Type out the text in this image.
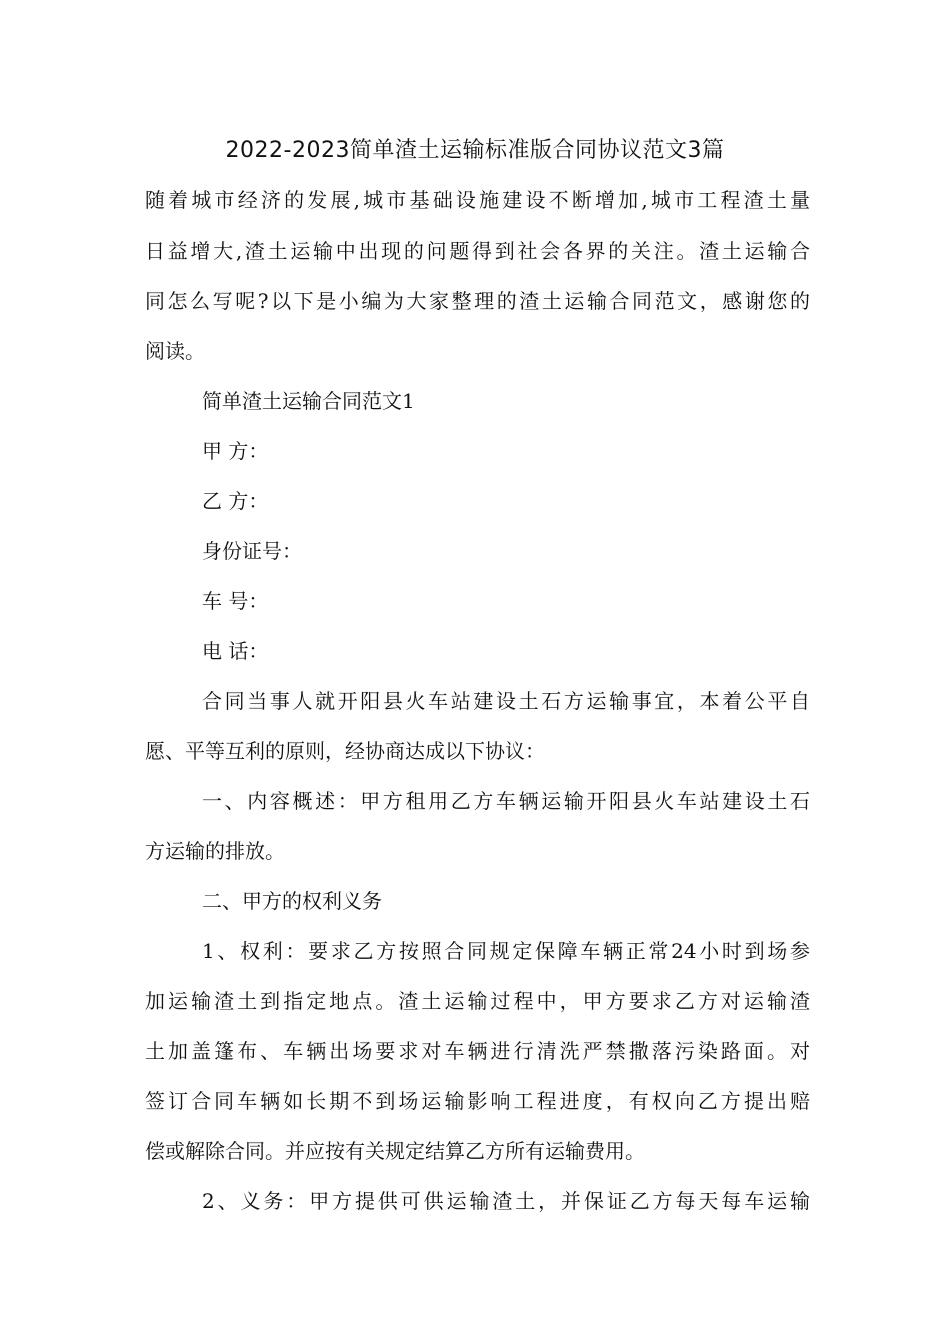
2022-2023简单渣土运输标准版合同协议范文3篇
随着城市经济的发展,城市基础设施建设不断增加,城市工程渣土量
日益增大,渣土运输中出现的问题得到社会各界的关注。渣土运输合
同怎么写呢?以下是小编为大家整理的渣土运输合同范文，感谢您的
阅读。
简单渣土运输合同范文1
甲 方：
乙 方：
身份证号：
车 号：
电 话：
合同当事人就开阳县火车站建设土石方运输事宜，本着公平自
愿、平等互利的原则，经协商达成以下协议：
一、内容概述：甲方租用乙方车辆运输开阳县火车站建设土石
方运输的排放。
二、甲方的权利义务
1、权利：要求乙方按照合同规定保障车辆正常24小时到场参
加运输渣土到指定地点。渣土运输过程中，甲方要求乙方对运输渣
土加盖篷布、车辆出场要求对车辆进行清洗严禁撒落污染路面。对
签订合同车辆如长期不到场运输影响工程进度，有权向乙方提出赔
偿或解除合同。并应按有关规定结算乙方所有运输费用。
2、义务：甲方提供可供运输渣土，并保证乙方每天每车运输
